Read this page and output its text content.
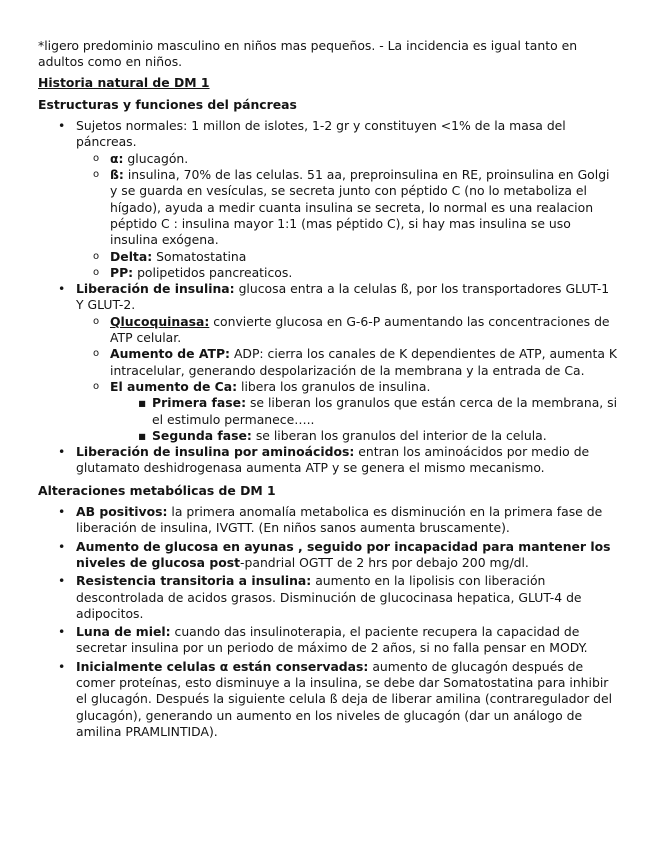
*ligero predominio masculino en niños mas pequeños. - La incidencia es igual tanto en adultos como en niños.

Historia natural de DM 1

Estructuras y funciones del páncreas

• Sujetos normales: 1 millon de islotes, 1-2 gr y constituyen <1% de la masa del páncreas.
o α: glucagón.
o ß: insulina, 70% de las celulas. 51 aa, preproinsulina en RE, proinsulina en Golgi y se guarda en vesículas, se secreta junto con péptido C (no lo metaboliza el hígado), ayuda a medir cuanta insulina se secreta, lo normal es una realacion péptido C : insulina mayor 1:1 (mas péptido C), si hay mas insulina se uso insulina exógena.
o Delta: Somatostatina
o PP: polipetidos pancreaticos.
• Liberación de insulina: glucosa entra a la celulas ß, por los transportadores GLUT-1 Y GLUT-2.
o Qlucoquinasa: convierte glucosa en G-6-P aumentando las concentraciones de ATP celular.
o Aumento de ATP: ADP: cierra los canales de K dependientes de ATP, aumenta K intracelular, generando despolarización de la membrana y la entrada de Ca.
o El aumento de Ca: libera los granulos de insulina.
▪ Primera fase: se liberan los granulos que están cerca de la membrana, si el estimulo permanece…..
▪ Segunda fase: se liberan los granulos del interior de la celula.
• Liberación de insulina por aminoácidos: entran los aminoácidos por medio de glutamato deshidrogenasa aumenta ATP y se genera el mismo mecanismo.

Alteraciones metabólicas de DM 1

• AB positivos: la primera anomalía metabolica es disminución en la primera fase de liberación de insulina, IVGTT. (En niños sanos aumenta bruscamente).
• Aumento de glucosa en ayunas , seguido por incapacidad para mantener los niveles de glucosa post-pandrial OGTT de 2 hrs por debajo 200 mg/dl.
• Resistencia transitoria a insulina: aumento en la lipolisis con liberación descontrolada de acidos grasos. Disminución de glucocinasa hepatica, GLUT-4 de adipocitos.
• Luna de miel: cuando das insulinoterapia, el paciente recupera la capacidad de secretar insulina por un periodo de máximo de 2 años, si no falla pensar en MODY.
• Inicialmente celulas α están conservadas: aumento de glucagón después de comer proteínas, esto disminuye a la insulina, se debe dar Somatostatina para inhibir el glucagón. Después la siguiente celula ß deja de liberar amilina (contraregulador del glucagón), generando un aumento en los niveles de glucagón (dar un análogo de amilina PRAMLINTIDA).
